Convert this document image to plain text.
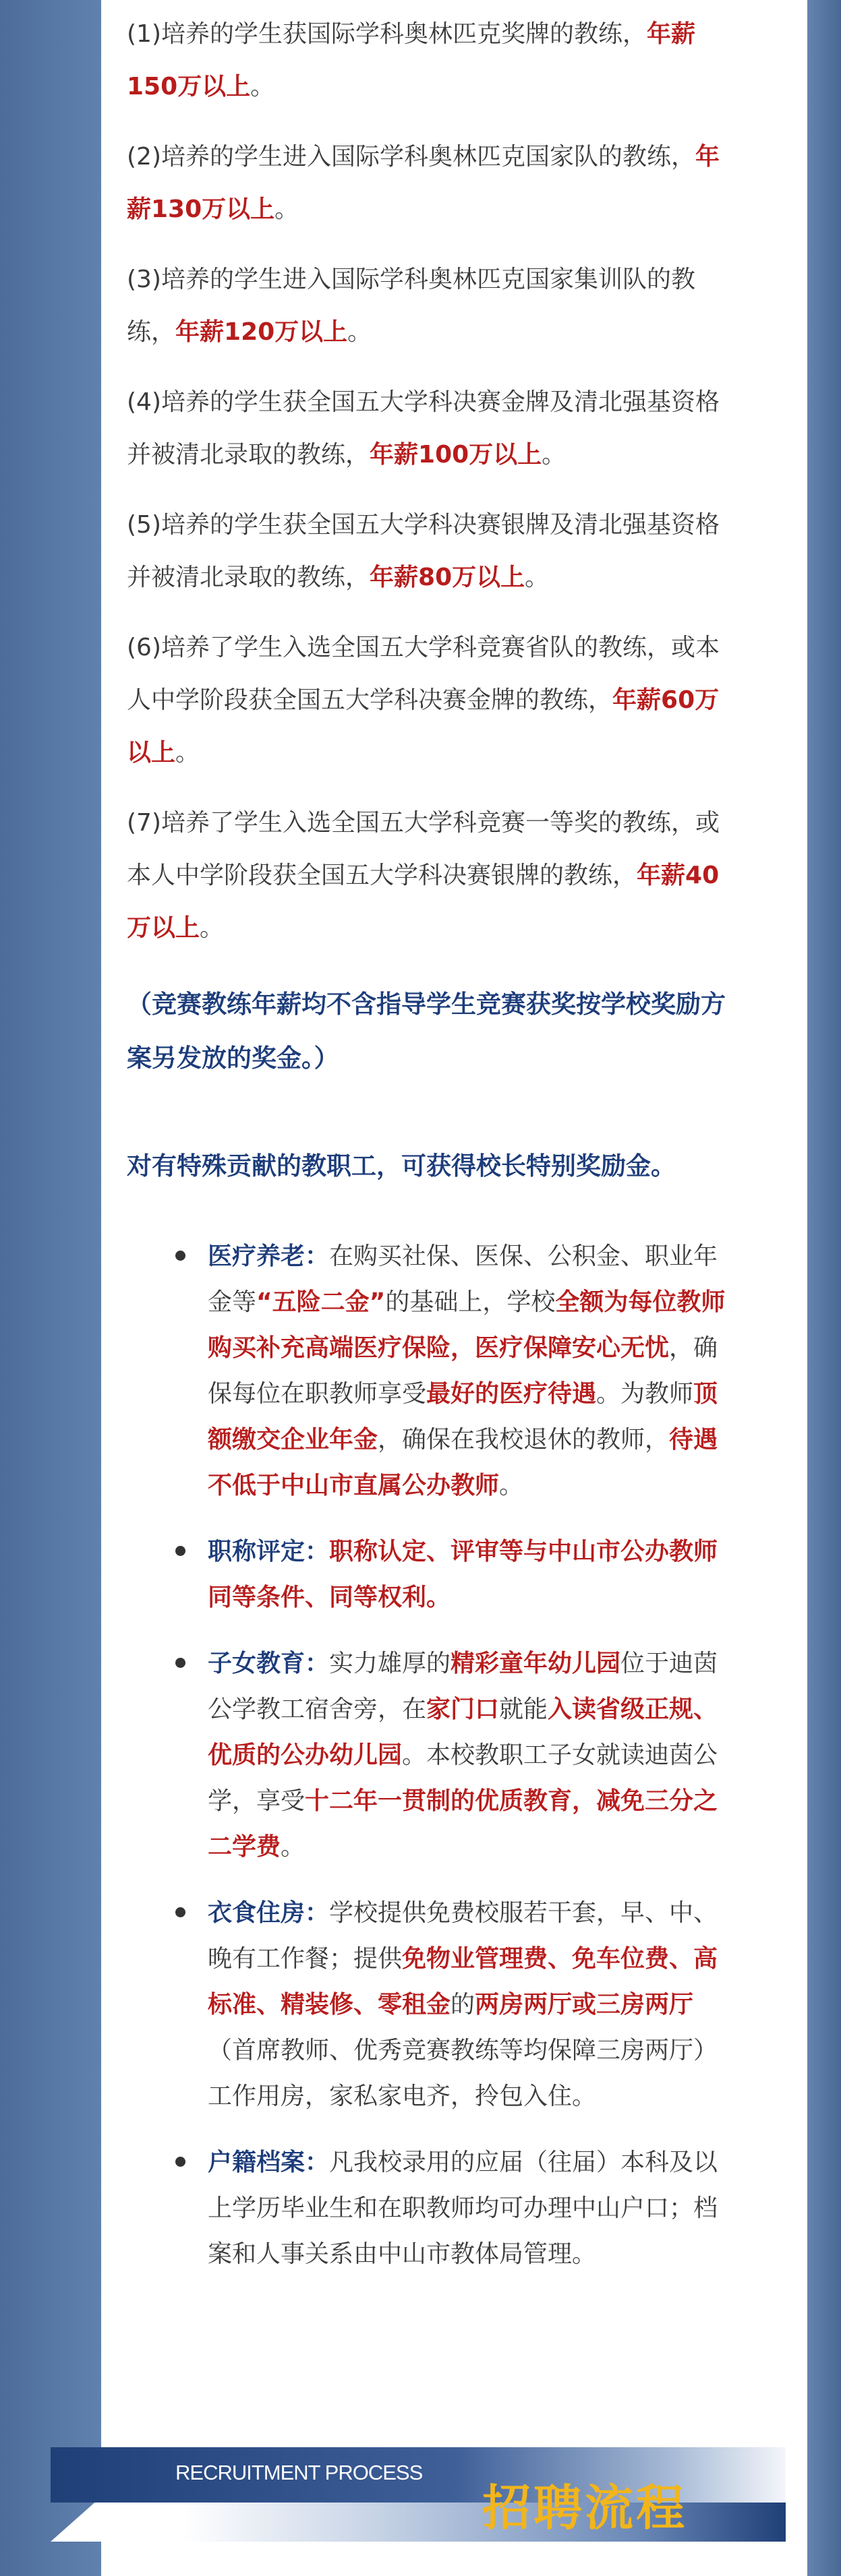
(1)培养的学生获国际学科奥林匹克奖牌的教练，年薪150万以上。

(2)培养的学生进入国际学科奥林匹克国家队的教练，年薪130万以上。

(3)培养的学生进入国际学科奥林匹克国家集训队的教练，年薪120万以上。

(4)培养的学生获全国五大学科决赛金牌及清北强基资格并被清北录取的教练，年薪100万以上。

(5)培养的学生获全国五大学科决赛银牌及清北强基资格并被清北录取的教练，年薪80万以上。

(6)培养了学生入选全国五大学科竞赛省队的教练，或本人中学阶段获全国五大学科决赛金牌的教练，年薪60万以上。

(7)培养了学生入选全国五大学科竞赛一等奖的教练，或本人中学阶段获全国五大学科决赛银牌的教练，年薪40万以上。

（竞赛教练年薪均不含指导学生竞赛获奖按学校奖励方案另发放的奖金。）

对有特殊贡献的教职工，可获得校长特别奖励金。

医疗养老：在购买社保、医保、公积金、职业年金等“五险二金”的基础上，学校全额为每位教师购买补充高端医疗保险，医疗保障安心无忧，确保每位在职教师享受最好的医疗待遇。为教师顶额缴交企业年金，确保在我校退休的教师，待遇不低于中山市直属公办教师。
职称评定：职称认定、评审等与中山市公办教师同等条件、同等权利。
子女教育：实力雄厚的精彩童年幼儿园位于迪茵公学教工宿舍旁，在家门口就能入读省级正规、优质的公办幼儿园。本校教职工子女就读迪茵公学，享受十二年一贯制的优质教育，减免三分之二学费。
衣食住房：学校提供免费校服若干套，早、中、晚有工作餐；提供免物业管理费、免车位费、高标准、精装修、零租金的两房两厅或三房两厅（首席教师、优秀竞赛教练等均保障三房两厅）工作用房，家私家电齐，拎包入住。
户籍档案：凡我校录用的应届（往届）本科及以上学历毕业生和在职教师均可办理中山户口；档案和人事关系由中山市教体局管理。
RECRUITMENT PROCESS
招聘流程
